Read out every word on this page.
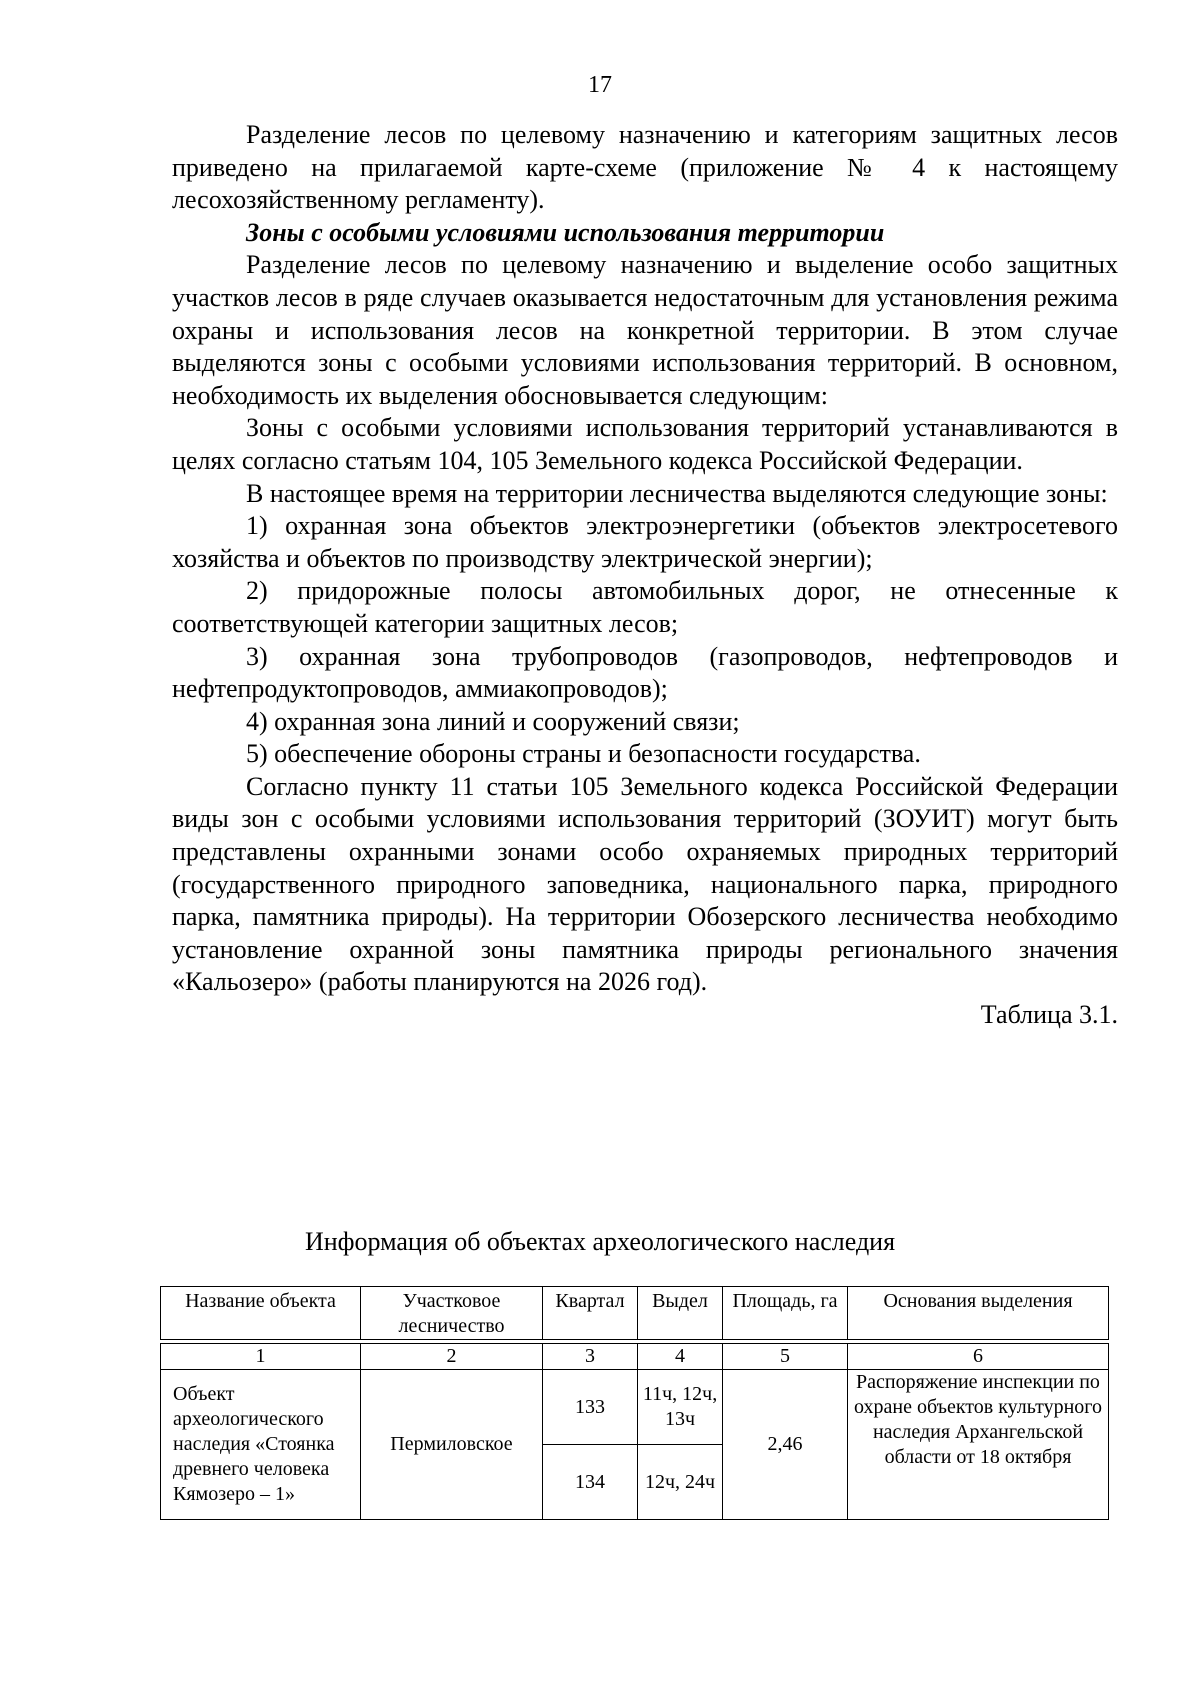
17

Разделение лесов по целевому назначению и категориям защитных лесов приведено на прилагаемой карте-схеме (приложение № 4 к настоящему лесохозяйственному регламенту).

Зоны с особыми условиями использования территории

Разделение лесов по целевому назначению и выделение особо защитных участков лесов в ряде случаев оказывается недостаточным для установления режима охраны и использования лесов на конкретной территории. В этом случае выделяются зоны с особыми условиями использования территорий. В основном, необходимость их выделения обосновывается следующим:

Зоны с особыми условиями использования территорий устанавливаются в целях согласно статьям 104, 105 Земельного кодекса Российской Федерации.

В настоящее время на территории лесничества выделяются следующие зоны:

1) охранная зона объектов электроэнергетики (объектов электросетевого хозяйства и объектов по производству электрической энергии);

2) придорожные полосы автомобильных дорог, не отнесенные к соответствующей категории защитных лесов;

3) охранная зона трубопроводов (газопроводов, нефтепроводов и нефтепродуктопроводов, аммиакопроводов);

4) охранная зона линий и сооружений связи;

5) обеспечение обороны страны и безопасности государства.

Согласно пункту 11 статьи 105 Земельного кодекса Российской Федерации виды зон с особыми условиями использования территорий (ЗОУИТ) могут быть представлены охранными зонами особо охраняемых природных территорий (государственного природного заповедника, национального парка, природного парка, памятника природы). На территории Обозерского лесничества необходимо установление охранной зоны памятника природы регионального значения «Кальозеро» (работы планируются на 2026 год).

Таблица 3.1.

Информация об объектах археологического наследия
Название объекта	Участковое лесничество	Квартал	Выдел	Площадь, га	Основания выделения
1	2	3	4	5	6
Объект археологического наследия «Стоянка древнего человека Кямозеро – 1»	Пермиловское	133	11ч, 12ч, 13ч	2,46	Распоряжение инспекции по охране объектов культурного наследия Архангельской области от 18 октября
		134	12ч, 24ч		
